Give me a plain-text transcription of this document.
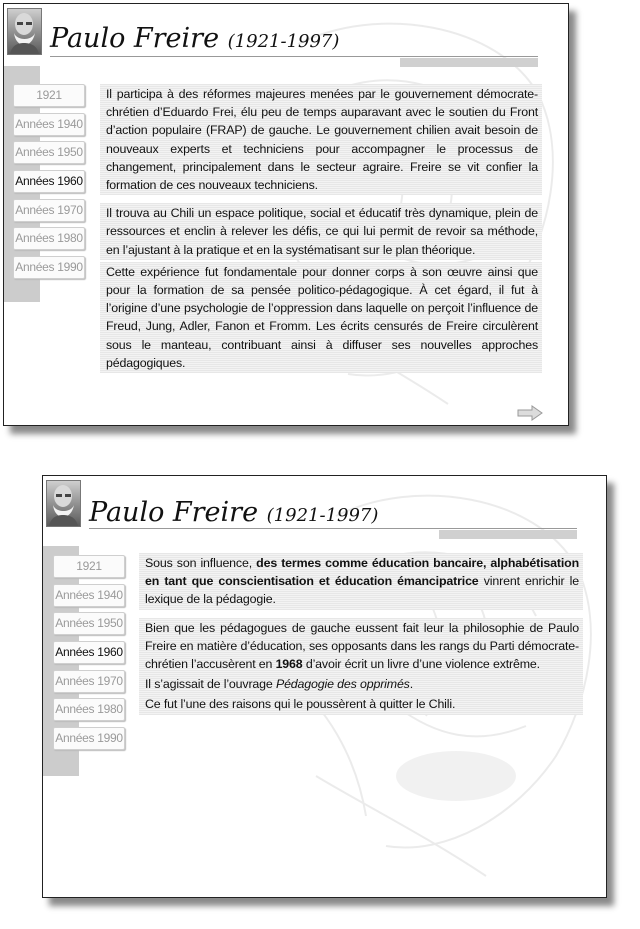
Paulo Freire (1921-1997)
1921
Années 1940
Années 1950
Années 1960
Années 1970
Années 1980
Années 1990
Il participa à des réformes majeures menées par le gouvernement démocrate-chrétien d’Eduardo Frei, élu peu de temps auparavant avec le soutien du Front d’action populaire (FRAP) de gauche. Le gouvernement chilien avait besoin de nouveaux experts et techniciens pour accompagner le processus de changement, principalement dans le secteur agraire. Freire se vit confier la formation de ces nouveaux techniciens.
Il trouva au Chili un espace politique, social et éducatif très dynamique, plein de ressources et enclin à relever les défis, ce qui lui permit de revoir sa méthode, en l’ajustant à la pratique et en la systématisant sur le plan théorique.
Cette expérience fut fondamentale pour donner corps à son œuvre ainsi que pour la formation de sa pensée politico-pédagogique. À cet égard, il fut à l’origine d’une psychologie de l’oppression dans laquelle on perçoit l’influence de Freud, Jung, Adler, Fanon et Fromm. Les écrits censurés de Freire circulèrent sous le manteau, contribuant ainsi à diffuser ses nouvelles approches pédagogiques.
Paulo Freire (1921-1997)
1921
Années 1940
Années 1950
Années 1960
Années 1970
Années 1980
Années 1990
Sous son influence, des termes comme éducation bancaire, alphabétisation en tant que conscientisation et éducation émancipatrice vinrent enrichir le lexique de la pédagogie.
Bien que les pédagogues de gauche eussent fait leur la philosophie de Paulo Freire en matière d’éducation, ses opposants dans les rangs du Parti démocrate-chrétien l’accusèrent en 1968 d’avoir écrit un livre d’une violence extrême.
Il s’agissait de l’ouvrage Pédagogie des opprimés.
Ce fut l’une des raisons qui le poussèrent à quitter le Chili.
